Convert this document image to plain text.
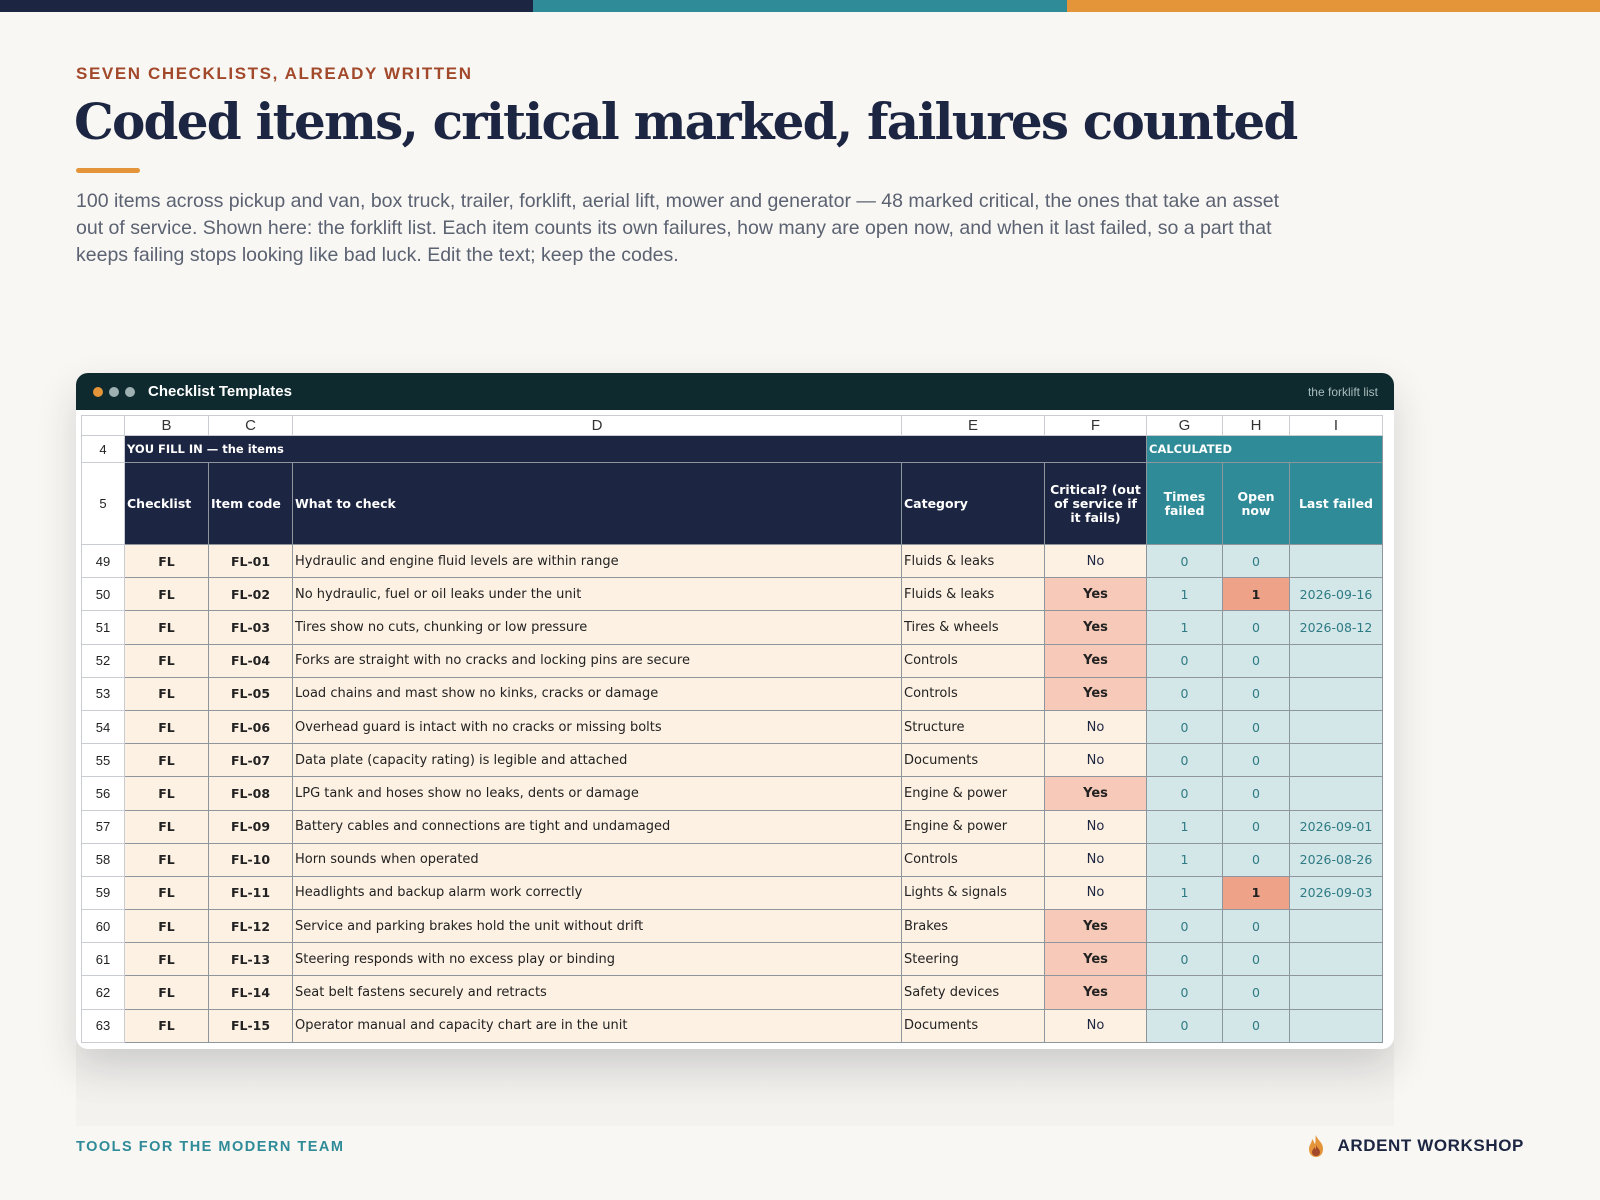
SEVEN CHECKLISTS, ALREADY WRITTEN
Coded items, critical marked, failures counted
100 items across pickup and van, box truck, trailer, forklift, aerial lift, mower and generator — 48 marked critical, the ones that take an asset out of service. Shown here: the forklift list. Each item counts its own failures, how many are open now, and when it last failed, so a part that keeps failing stops looking like bad luck. Edit the text; keep the codes.
Checklist Templates	the forklift list
	B	C	D	E	F	G	H	I
4	YOU FILL IN — the items					CALCULATED		
5	Checklist	Item code	What to check	Category	Critical? (out of service if it fails)	Times failed	Open now	Last failed
49	FL	FL-01	Hydraulic and engine fluid levels are within range	Fluids & leaks	No	0	0	
50	FL	FL-02	No hydraulic, fuel or oil leaks under the unit	Fluids & leaks	Yes	1	1	2026-09-16
51	FL	FL-03	Tires show no cuts, chunking or low pressure	Tires & wheels	Yes	1	0	2026-08-12
52	FL	FL-04	Forks are straight with no cracks and locking pins are secure	Controls	Yes	0	0	
53	FL	FL-05	Load chains and mast show no kinks, cracks or damage	Controls	Yes	0	0	
54	FL	FL-06	Overhead guard is intact with no cracks or missing bolts	Structure	No	0	0	
55	FL	FL-07	Data plate (capacity rating) is legible and attached	Documents	No	0	0	
56	FL	FL-08	LPG tank and hoses show no leaks, dents or damage	Engine & power	Yes	0	0	
57	FL	FL-09	Battery cables and connections are tight and undamaged	Engine & power	No	1	0	2026-09-01
58	FL	FL-10	Horn sounds when operated	Controls	No	1	0	2026-08-26
59	FL	FL-11	Headlights and backup alarm work correctly	Lights & signals	No	1	1	2026-09-03
60	FL	FL-12	Service and parking brakes hold the unit without drift	Brakes	Yes	0	0	
61	FL	FL-13	Steering responds with no excess play or binding	Steering	Yes	0	0	
62	FL	FL-14	Seat belt fastens securely and retracts	Safety devices	Yes	0	0	
63	FL	FL-15	Operator manual and capacity chart are in the unit	Documents	No	0	0	
TOOLS FOR THE MODERN TEAM	ARDENT WORKSHOP
